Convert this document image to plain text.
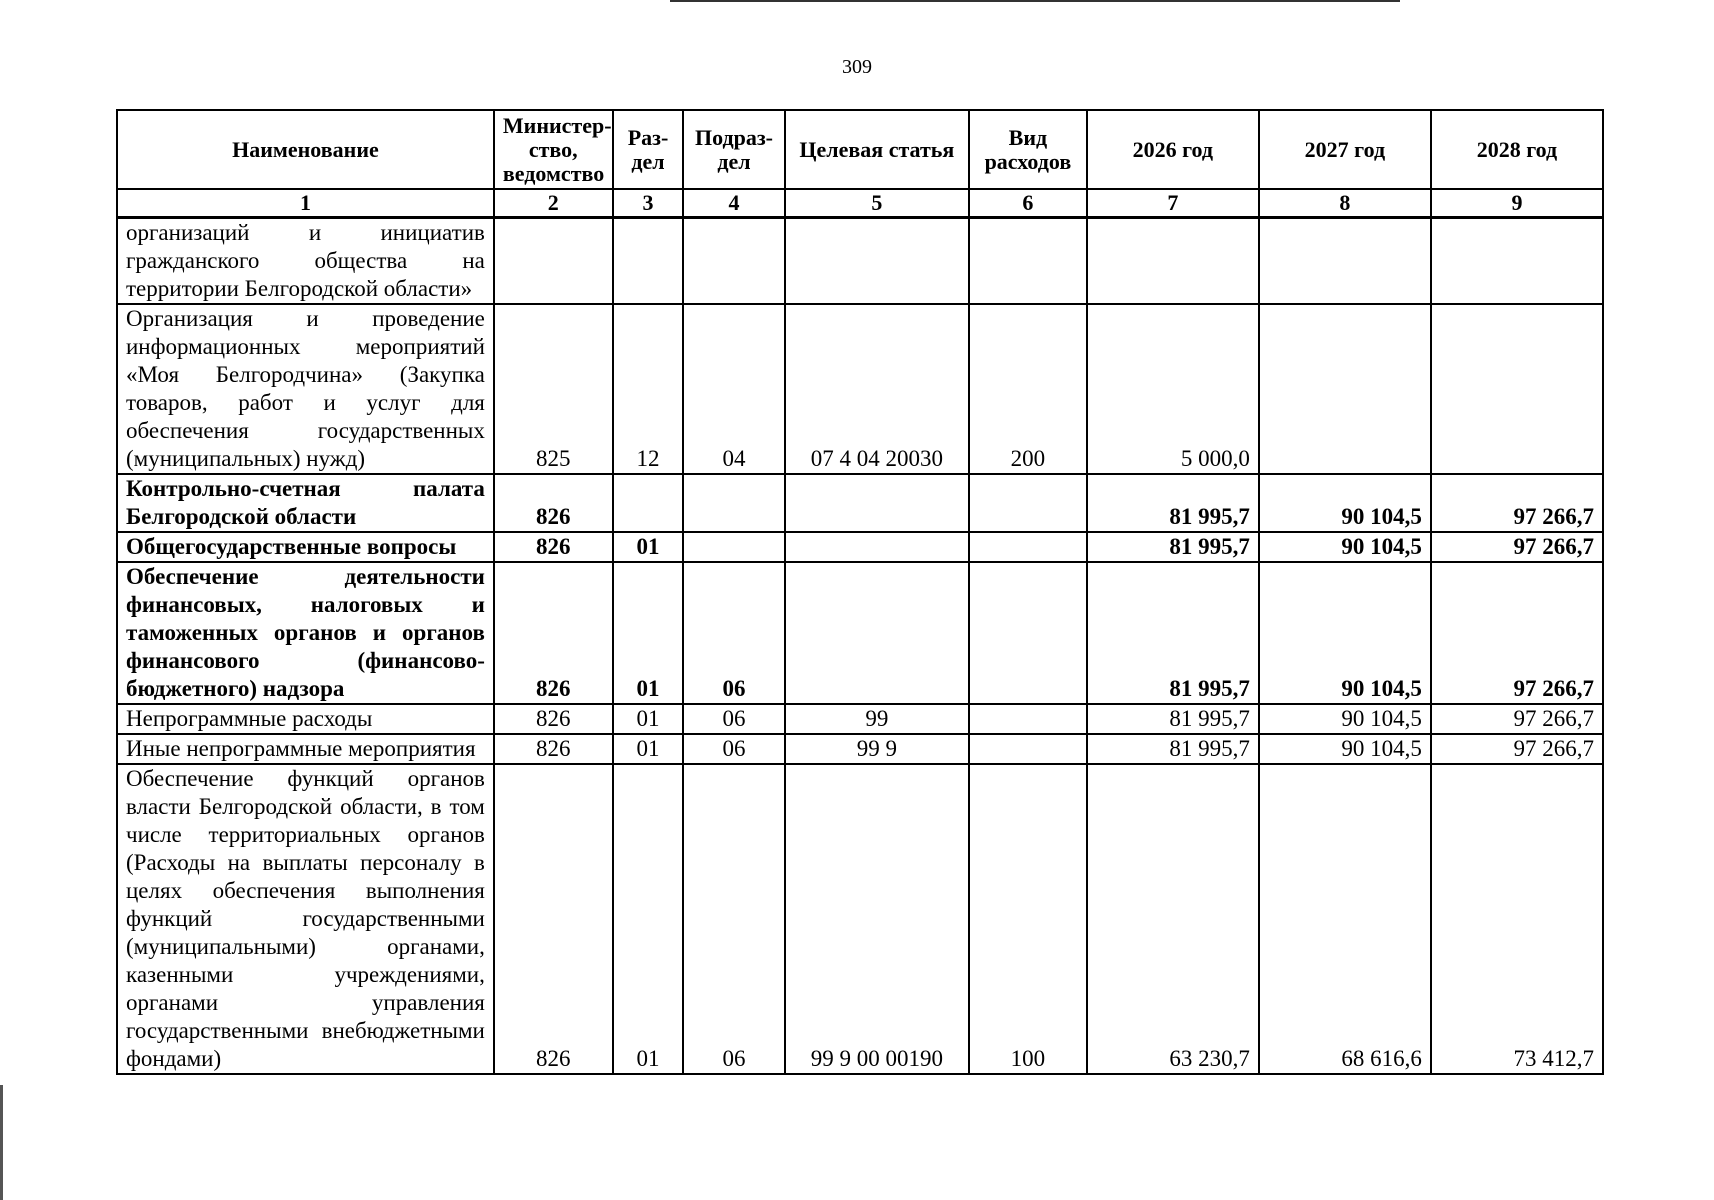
309
Наименование	Министер-ство, ведомство	Раз-дел	Подраз-дел	Целевая статья	Вид расходов	2026 год	2027 год	2028 год
1	2	3	4	5	6	7	8	9
организаций и инициатив гражданского общества на территории Белгородской области»								
Организация и проведение информационных мероприятий «Моя Белгородчина» (Закупка товаров, работ и услуг для обеспечения государственных (муниципальных) нужд)	825	12	04	07 4 04 20030	200	5 000,0		
Контрольно-счетная палата Белгородской области	826					81 995,7	90 104,5	97 266,7
Общегосударственные вопросы	826	01				81 995,7	90 104,5	97 266,7
Обеспечение деятельности финансовых, налоговых и таможенных органов и органов финансового (финансово-бюджетного) надзора	826	01	06			81 995,7	90 104,5	97 266,7
Непрограммные расходы	826	01	06	99		81 995,7	90 104,5	97 266,7
Иные непрограммные мероприятия	826	01	06	99 9		81 995,7	90 104,5	97 266,7
Обеспечение функций органов власти Белгородской области, в том числе территориальных органов (Расходы на выплаты персоналу в целях обеспечения выполнения функций государственными (муниципальными) органами, казенными учреждениями, органами управления государственными внебюджетными фондами)	826	01	06	99 9 00 00190	100	63 230,7	68 616,6	73 412,7
